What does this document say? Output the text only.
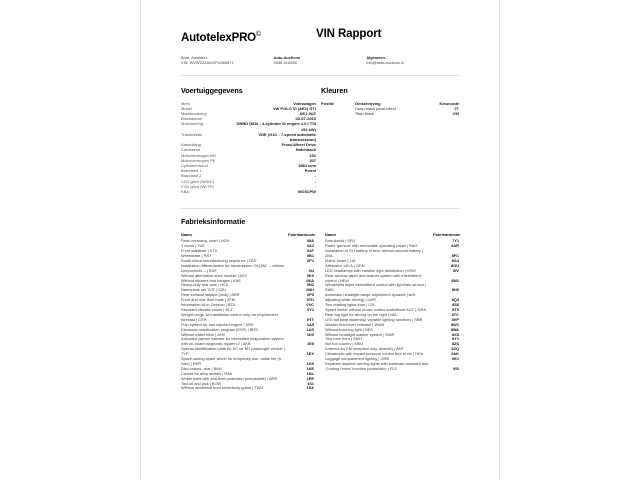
AutotelexPRO©	VIN Rapport
Bron: Autotelex
VIN: WVWZZZAWZPU085871
Auto Auctions
0548-516398
Algemeen .
info@auto-auctions.nl
Voertuiggegevens
Merk	Volkswagen
Model	VW POLO VI (AE1) GTI
Markteodering	AE1 9UZ
Bouwdatum	03-07-2023
Motorisering	DNND (M16 : 4-cylinder SI engine 2.0 l TSI 152 kW)
Transmissie	VDE (G1C : 7-speed automatic transmission)
Aandrijving	Front-Wheel Drive
Carosserie	Hatchback
Motorvermogen kW	152
Motorvermogen PK	207
Cylinderinhoud	1984 ccm
Brandstof 1	Petrol
Brandstof 2	-
CO2 g/km (NEDC)	-
CO2 g/km (WLTP)	-
KBA	0603CPW
Kleuren
Positie	Omschrijving	Kleurcode
Deep black pearl effect	2T
Titan black	EM
Fabrieksinformatie
Naam	Fabrikantcode
Rear overhang, short | UGH	00A
4 doors | TUE	0A2
Front stabilizer | STV	0AT
Wheelbase | RST	0B1
South Africa manufacturing sequence | FAD	0FV
Installation differentiation for transmission 'DQ381' -- vehicle components -- | EDF	0IJ
Without alternative drive module | ASY	0K0
Without stickers and badges | KAE	0KA
Heavy-duty rear axle | HCA	0N2
Nameplate set 'GTI' | SZU	0NH
Rear exhaust tailpipe (oval) | ARR	0P5
Front and rear floor mats | ZFM	0TD
Information kit in German | BTA	0VC
Standard climatic zones | KLZ	0Y1
Weight range 18 installation control only, no requirement forecast | GXH	0YT
Fuel system for fuel-injected engine | KRS	1A5
Electronic stabilization program (ESP) | BRS	1AS
Without trailer hitch | AHV	1D0
Activated carbon canister for intensified evaporation system with on-board diagnostic system 2 | AKB	1E5
Special identification plate for EC for M1 passenger vehicle | TYP	1EX
Space-saving spare wheel for temporary use, radial tire (5-hole) | RER	1G9
Disc brakes, rear | BAH	1KE
Covers for alloy wheels | RAA	1NL
Wheel bolts with anti-theft protection (unlockable) | ARR	1PE
Tool kit and jack | BOW	1S1
Without additional front underbody guard | TWU	1SA
Naam	Fabrikantcode
Side Assist | SPU	7Y1
Radio 'gamma' with removable operating panel | RAO	8AR
Installation of SLI battery in rear, without second battery | ZBA	8FC
Matrix beam | LIA	8G4
Alternator 140 A | GDN	8GU
LED headlamps with variable light distribution | HSW	8IV
Rear window wiper and washer system with intermittent control | HEW	8M1
Windshield wiper intermittent control with light/rain sensor | SWS	8N6
Automatic headlight-range adjustment dynamic (self-adjusting while driving) | LWR	8Q3
Two reading lights front | LEL	8S6
Speed limiter without cruise control andwithout ACC | GRA	8T9
Rear fog light for driving on the right | NEL	8TC
LED tail lamp assembly, variable lighting functions | SBR	8VP
Washer fluid level indicator | WWA	8W1
Without front fog light | NES	8WA
Without headlight washer system | SWR	8X0
Two-tone horn | SMH	8Y1
Not hot country | MKU	8ZS
Antenna for FM reception only, diversity | ANT	8ZQ
Climatronic with impact pressure control free of cfc | HKA	9AK
Luggage compartment lighting | GRB	9E1
Separate daytime running lights with lowbeam assistant and 'Coming Home' function (automatic) | FLS	9IS
